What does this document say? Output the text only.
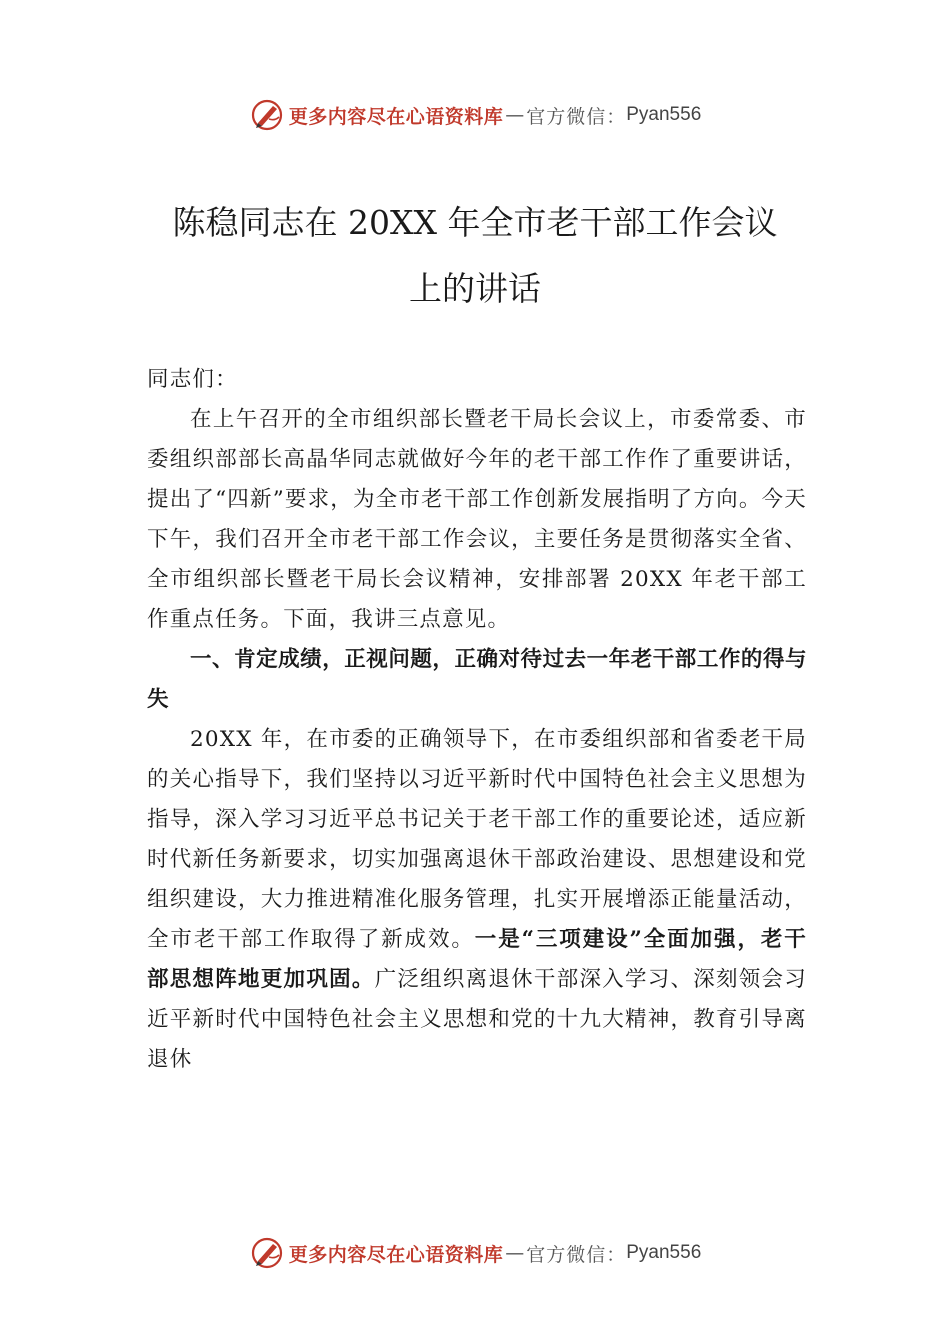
更多内容尽在心语资料库 — 官方微信： Pyan556
陈稳同志在 20XX 年全市老干部工作会议
上的讲话

同志们：

在上午召开的全市组织部长暨老干局长会议上，市委常委、市委组织部部长高晶华同志就做好今年的老干部工作作了重要讲话，提出了“四新”要求，为全市老干部工作创新发展指明了方向。今天下午，我们召开全市老干部工作会议，主要任务是贯彻落实全省、全市组织部长暨老干局长会议精神，安排部署 20XX 年老干部工作重点任务。下面，我讲三点意见。

一、肯定成绩，正视问题，正确对待过去一年老干部工作的得与失

20XX 年，在市委的正确领导下，在市委组织部和省委老干局的关心指导下，我们坚持以习近平新时代中国特色社会主义思想为指导，深入学习习近平总书记关于老干部工作的重要论述，适应新时代新任务新要求，切实加强离退休干部政治建设、思想建设和党组织建设，大力推进精准化服务管理，扎实开展增添正能量活动，全市老干部工作取得了新成效。一是“三项建设”全面加强，老干部思想阵地更加巩固。广泛组织离退休干部深入学习、深刻领会习近平新时代中国特色社会主义思想和党的十九大精神，教育引导离退休

更多内容尽在心语资料库 — 官方微信： Pyan556
